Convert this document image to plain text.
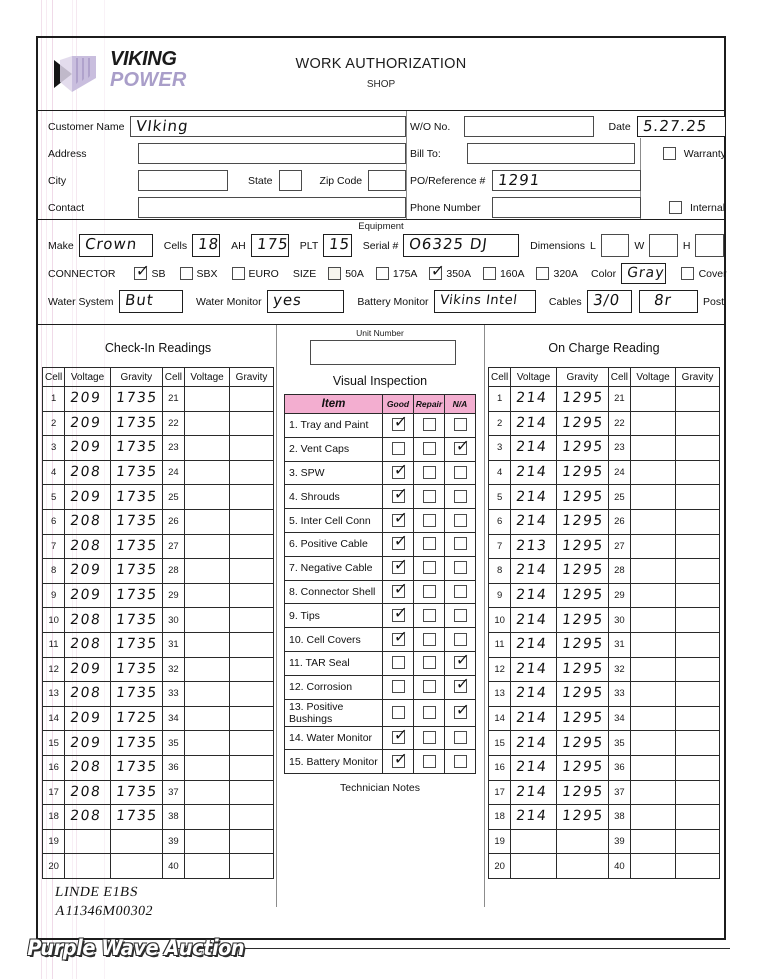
VIKING
POWER
WORK AUTHORIZATION
SHOP
Customer Name VIking	W/O No.	Date 5.27.25
Address	Bill To:	Warranty
City	State	Zip Code	PO/Reference # 1291
Contact	Phone Number	Internal
Equipment
Make Crown	Cells 18 AH 175 PLT 15 Serial # O6325 DJ	Dimensions L	W	H
CONNECTOR ✓ SB	SBX	EURO SIZE	50A	175A ✓ 350A	160A	320A Color Gray	Cover
Water System But	Water Monitor yes	Battery Monitor Vikins Intel	Cables 3/0	8r	Post
Check-In Readings
Cell	Voltage	Gravity	Cell	Voltage	Gravity
1	209	1735	21	

2	209	1735	22	

3	209	1735	23	

4	208	1735	24	

5	209	1735	25	

6	208	1735	26	

7	208	1735	27	

8	209	1735	28	

9	209	1735	29	

10	208	1735	30	

11	208	1735	31	

12	209	1735	32	

13	208	1735	33	

14	209	1725	34	

15	209	1735	35	

16	208	1735	36	

17	208	1735	37	

18	208	1735	38	

19			39	

20			40	

Unit Number
Visual Inspection
Item	Good	Repair	N/A
1. Tray and Paint	✓		

2. Vent Caps			✓

3. SPW	✓		

4. Shrouds	✓		

5. Inter Cell Conn	✓		

6. Positive Cable	✓		

7. Negative Cable	✓		

8. Connector Shell	✓		

9. Tips	✓		

10. Cell Covers	✓		

11. TAR Seal			✓

12. Corrosion			✓

13. Positive Bushings			✓

14. Water Monitor	✓		

15. Battery Monitor	✓		

Technician Notes
On Charge Reading
Cell	Voltage	Gravity	Cell	Voltage	Gravity
1	214	1295	21	

2	214	1295	22	

3	214	1295	23	

4	214	1295	24	

5	214	1295	25	

6	214	1295	26	

7	213	1295	27	

8	214	1295	28	

9	214	1295	29	

10	214	1295	30	

11	214	1295	31	

12	214	1295	32	

13	214	1295	33	

14	214	1295	34	

15	214	1295	35	

16	214	1295	36	

17	214	1295	37	

18	214	1295	38	

19			39	

20			40	

LINDE E1BS
A11346M00302
Purple Wave Auction
